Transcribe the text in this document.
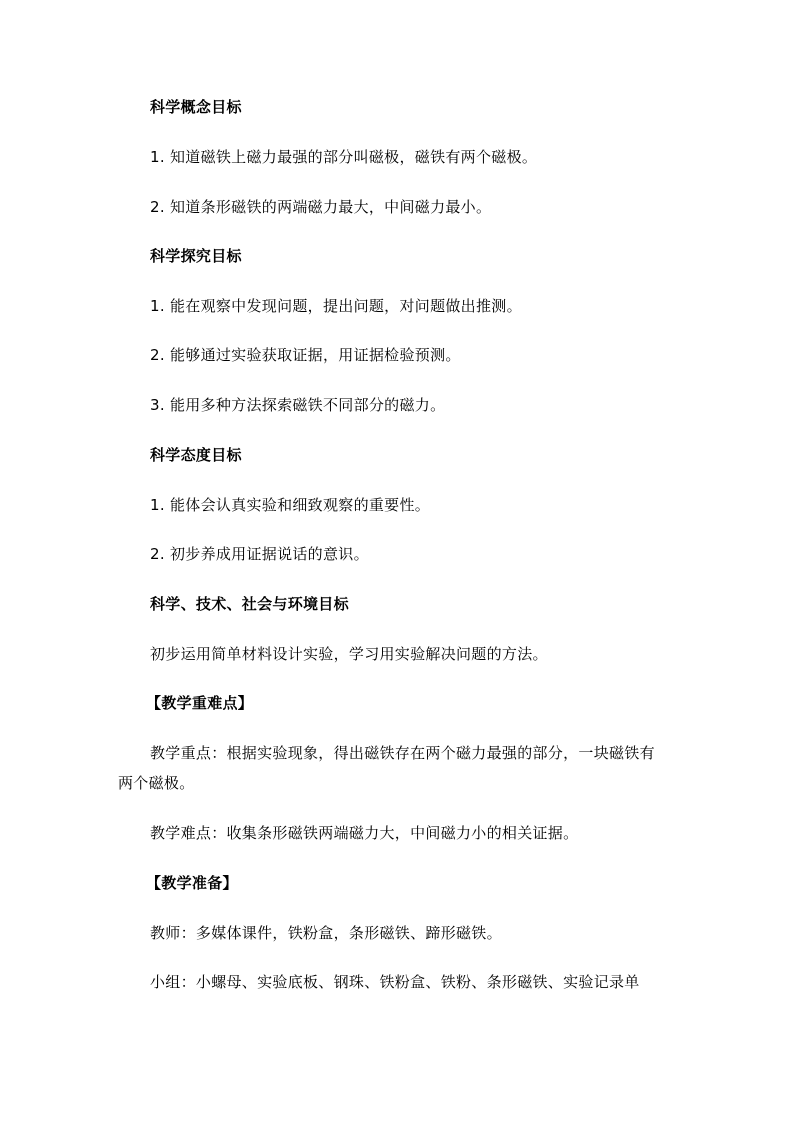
科学概念目标
1. 知道磁铁上磁力最强的部分叫磁极，磁铁有两个磁极。
2. 知道条形磁铁的两端磁力最大，中间磁力最小。
科学探究目标
1. 能在观察中发现问题，提出问题，对问题做出推测。
2. 能够通过实验获取证据，用证据检验预测。
3. 能用多种方法探索磁铁不同部分的磁力。
科学态度目标
1. 能体会认真实验和细致观察的重要性。
2. 初步养成用证据说话的意识。
科学、技术、社会与环境目标
初步运用简单材料设计实验，学习用实验解决问题的方法。
【教学重难点】
教学重点：根据实验现象，得出磁铁存在两个磁力最强的部分，一块磁铁有
两个磁极。
教学难点：收集条形磁铁两端磁力大，中间磁力小的相关证据。
【教学准备】
教师：多媒体课件，铁粉盒，条形磁铁、蹄形磁铁。
小组：小螺母、实验底板、钢珠、铁粉盒、铁粉、条形磁铁、实验记录单
